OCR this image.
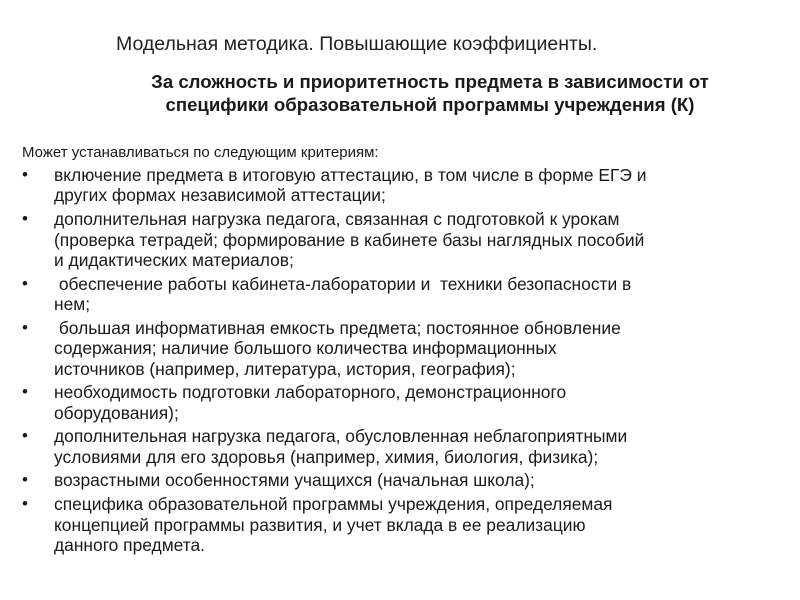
Модельная методика. Повышающие коэффициенты.
За сложность и приоритетность предмета в зависимости от
специфики образовательной программы учреждения (К)
Может устанавливаться по следующим критериям:
•	включение предмета в итоговую аттестацию, в том числе в форме ЕГЭ и
других формах независимой аттестации;
•	дополнительная нагрузка педагога, связанная с подготовкой к урокам
(проверка тетрадей; формирование в кабинете базы наглядных пособий
и дидактических материалов;
•	обеспечение работы кабинета-лаборатории и  техники безопасности в
нем;
•	большая информативная емкость предмета; постоянное обновление
содержания; наличие большого количества информационных
источников (например, литература, история, география);
•	необходимость подготовки лабораторного, демонстрационного
оборудования);
•	дополнительная нагрузка педагога, обусловленная неблагоприятными
условиями для его здоровья (например, химия, биология, физика);
•	возрастными особенностями учащихся (начальная школа);
•	специфика образовательной программы учреждения, определяемая
концепцией программы развития, и учет вклада в ее реализацию
данного предмета.
